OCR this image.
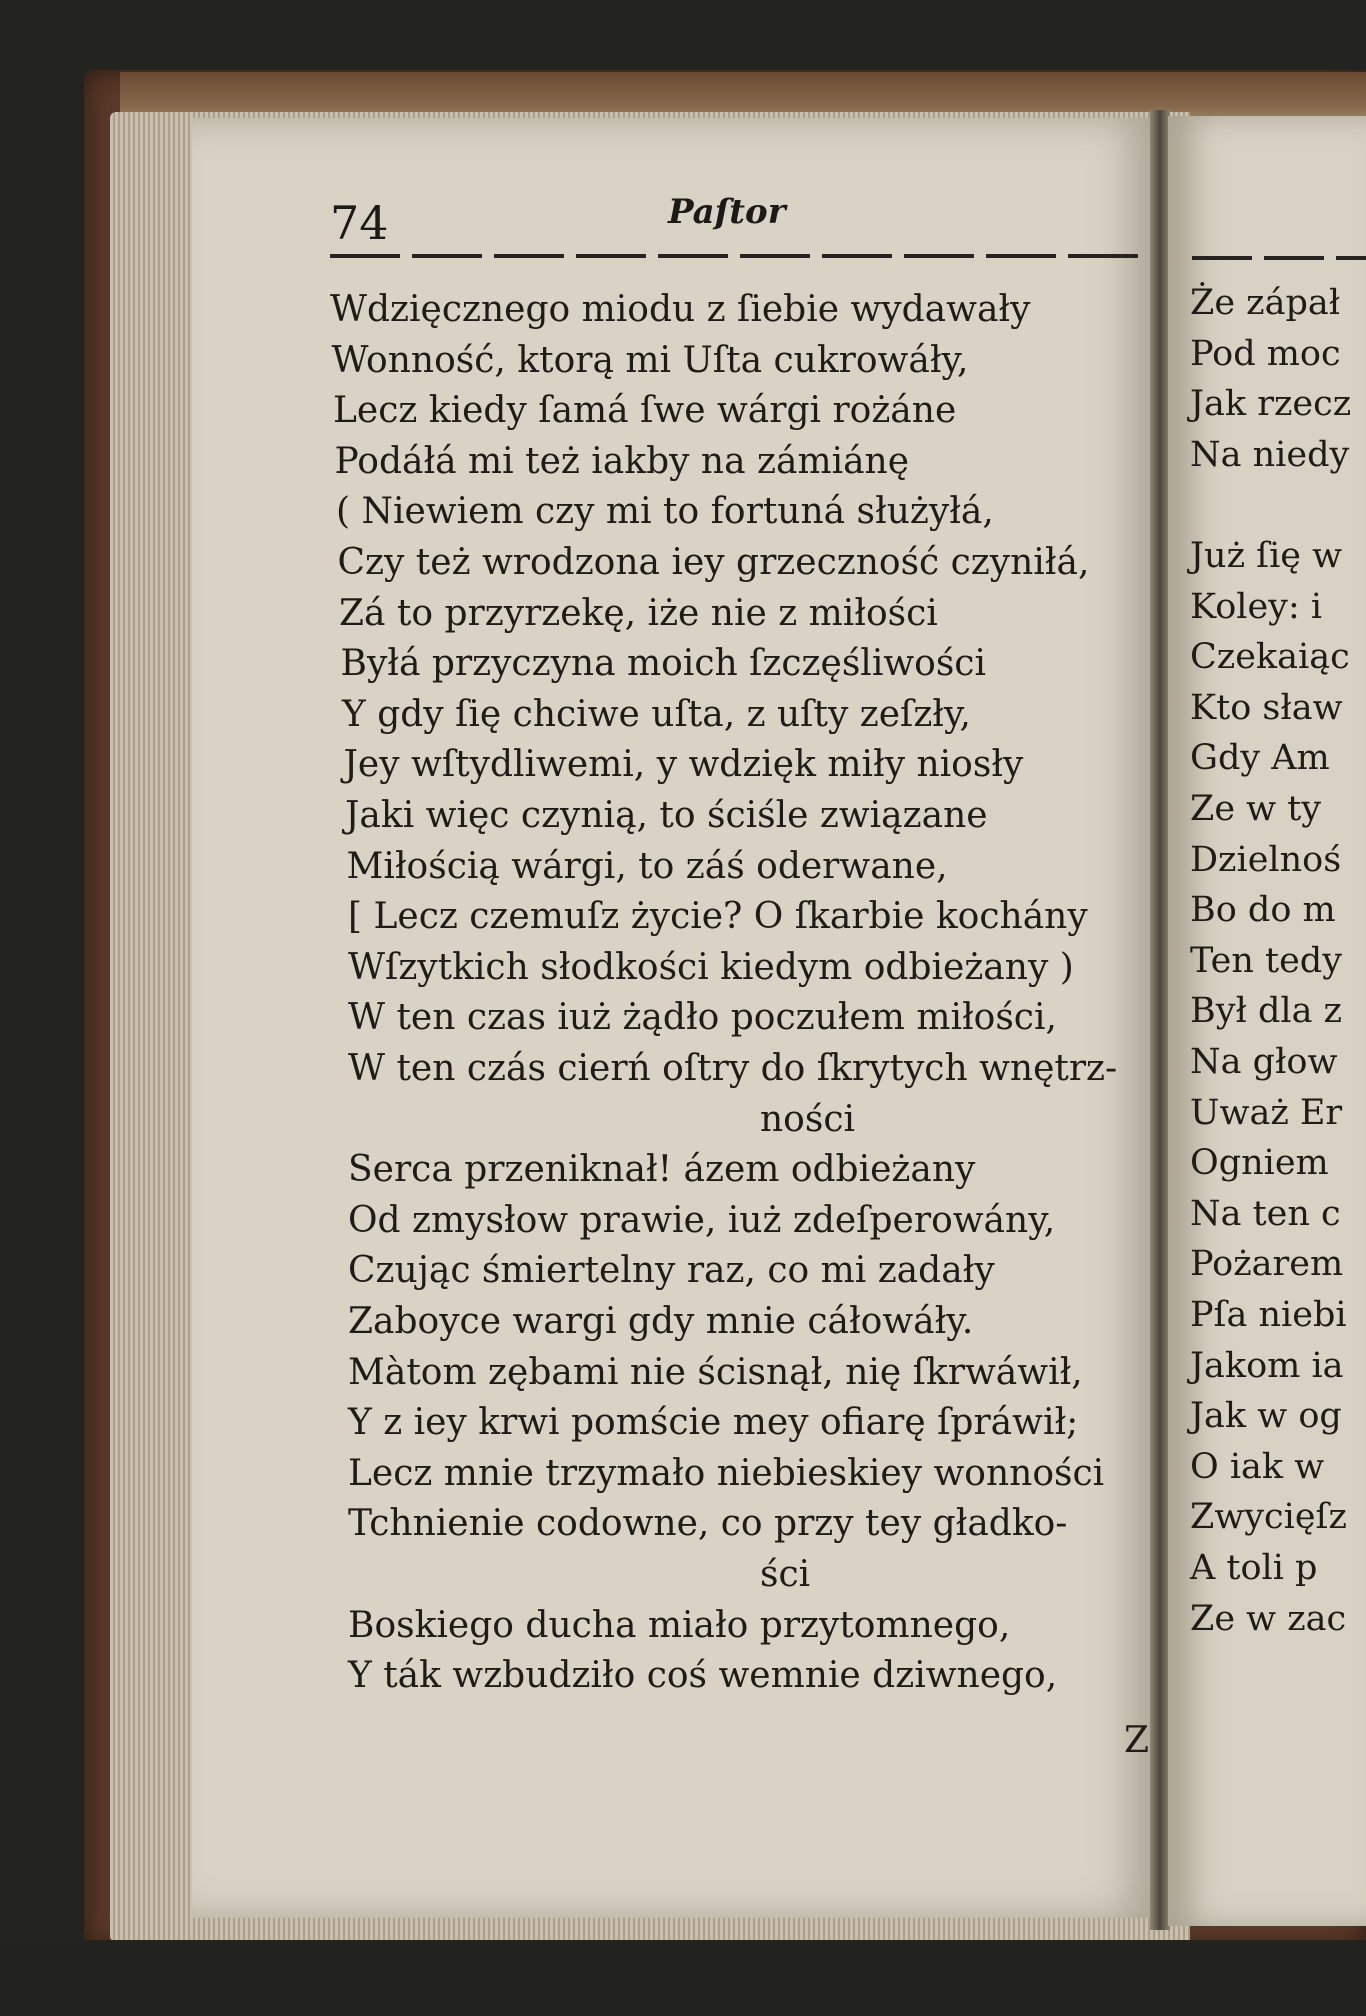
Że zápał
Pod moc
Jak rzecz
Na niedy
Już ſię w
Koley: i
Czekaiąc
Kto sław
Gdy Am
Ze w ty
Dzielnoś
Bo do m
Ten tedy
Był dla z
Na głow
Uważ Er
Ogniem
Na ten c
Pożarem
Pſa niebi
Jakom ia
Jak w og
O iak w
Zwycięſz
A toli p
Ze w zac
74	Paſtor
Wdzięcznego miodu z ſiebie wydawały
Wonność, ktorą mi Uſta cukrowáły,
Lecz kiedy ſamá ſwe wárgi rożáne
Podáłá mi też iakby na zámiánę
( Niewiem czy mi to fortuná służyłá,
Czy też wrodzona iey grzeczność czyniłá,
Zá to przyrzekę, iże nie z miłości
Byłá przyczyna moich ſzczęśliwości
Y gdy ſię chciwe uſta, z uſty zeſzły,
Jey wſtydliwemi, y wdzięk miły niosły
Jaki więc czynią, to ściśle związane
Miłością wárgi, to záś oderwane,
[ Lecz czemuſz życie? O ſkarbie kochány
Wſzytkich słodkości kiedym odbieżany )
W ten czas iuż żądło poczułem miłości,
W ten czás cierń oſtry do ſkrytych wnętrz-
ności
Serca przeniknał! ázem odbieżany
Od zmysłow prawie, iuż zdeſperowány,
Czując śmiertelny raz, co mi zadały
Zaboyce wargi gdy mnie cáłowáły.
Màtom zębami nie ścisnął, nię ſkrwáwił,
Y z iey krwi pomście mey ofiarę ſpráwił;
Lecz mnie trzymało niebieskiey wonności
Tchnienie codowne, co przy tey gładko-
ści
Boskiego ducha miało przytomnego,
Y ták wzbudziło coś wemnie dziwnego,
Z
